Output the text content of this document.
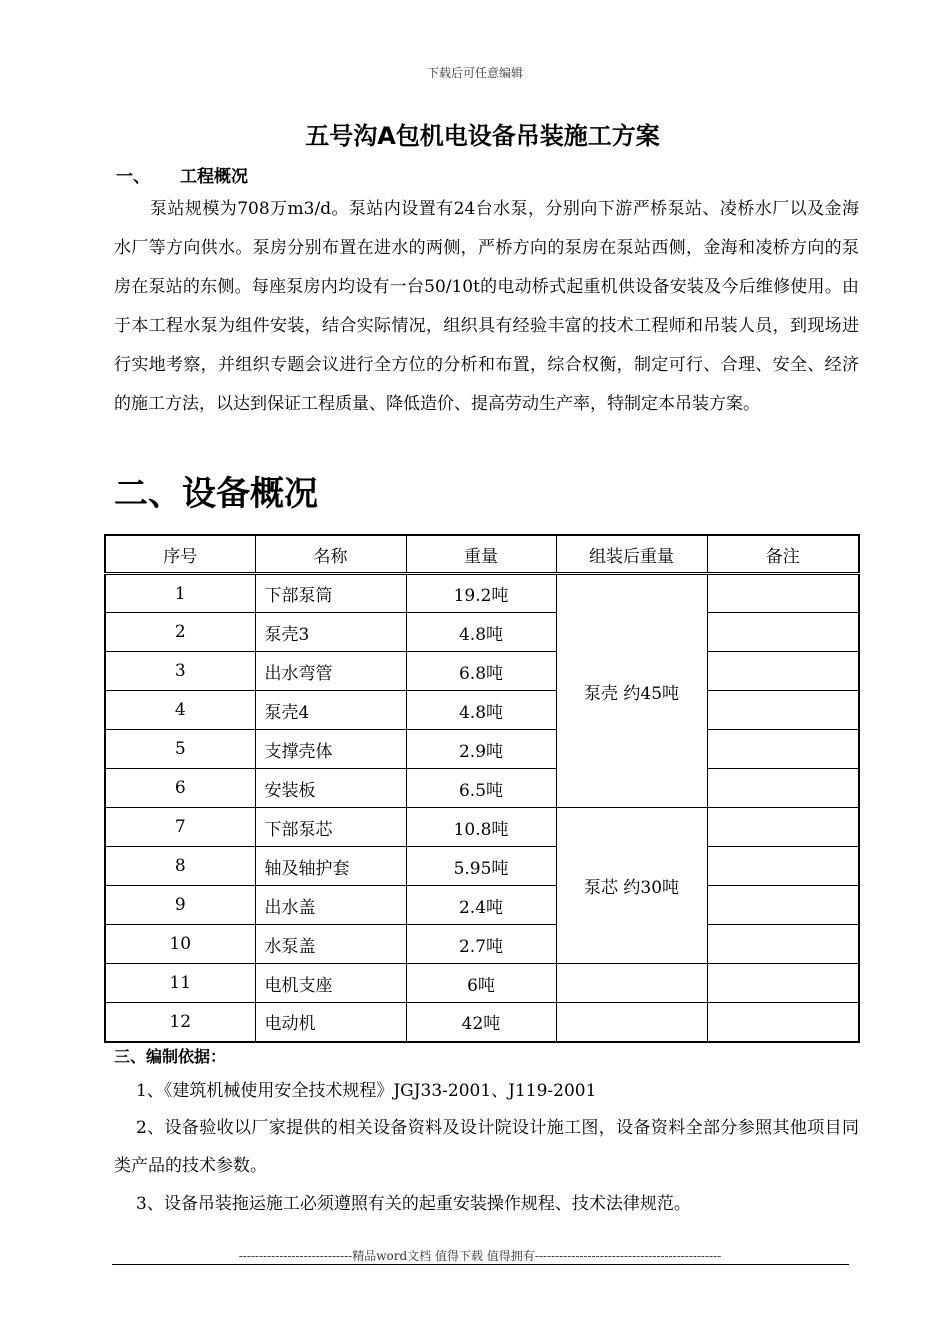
下载后可任意编辑
五号沟A包机电设备吊装施工方案
一、 工程概况
泵站规模为708万m3/d。泵站内设置有24台水泵，分别向下游严桥泵站、凌桥水厂以及金海水厂等方向供水。泵房分别布置在进水的两侧，严桥方向的泵房在泵站西侧，金海和凌桥方向的泵房在泵站的东侧。每座泵房内均设有一台50/10t的电动桥式起重机供设备安装及今后维修使用。由于本工程水泵为组件安装，结合实际情况，组织具有经验丰富的技术工程师和吊装人员，到现场进行实地考察，并组织专题会议进行全方位的分析和布置，综合权衡，制定可行、合理、安全、经济的施工方法，以达到保证工程质量、降低造价、提高劳动生产率，特制定本吊装方案。
二、设备概况
序号	名称	重量	组装后重量	备注
1	下部泵筒	19.2吨	泵壳 约45吨	
2	泵壳3	4.8吨		
3	出水弯管	6.8吨		
4	泵壳4	4.8吨		
5	支撑壳体	2.9吨		
6	安装板	6.5吨		
7	下部泵芯	10.8吨	泵芯 约30吨	
8	轴及轴护套	5.95吨		
9	出水盖	2.4吨		
10	水泵盖	2.7吨		
11	电机支座	6吨		
12	电动机	42吨		
三、编制依据：
1、《建筑机械使用安全技术规程》JGJ33-2001、J119-2001
2、设备验收以厂家提供的相关设备资料及设计院设计施工图，设备资料全部分参照其他项目同类产品的技术参数。
3、设备吊装拖运施工必须遵照有关的起重安装操作规程、技术法律规范。
----------------------------精品word文档 值得下载 值得拥有----------------------------------------------
